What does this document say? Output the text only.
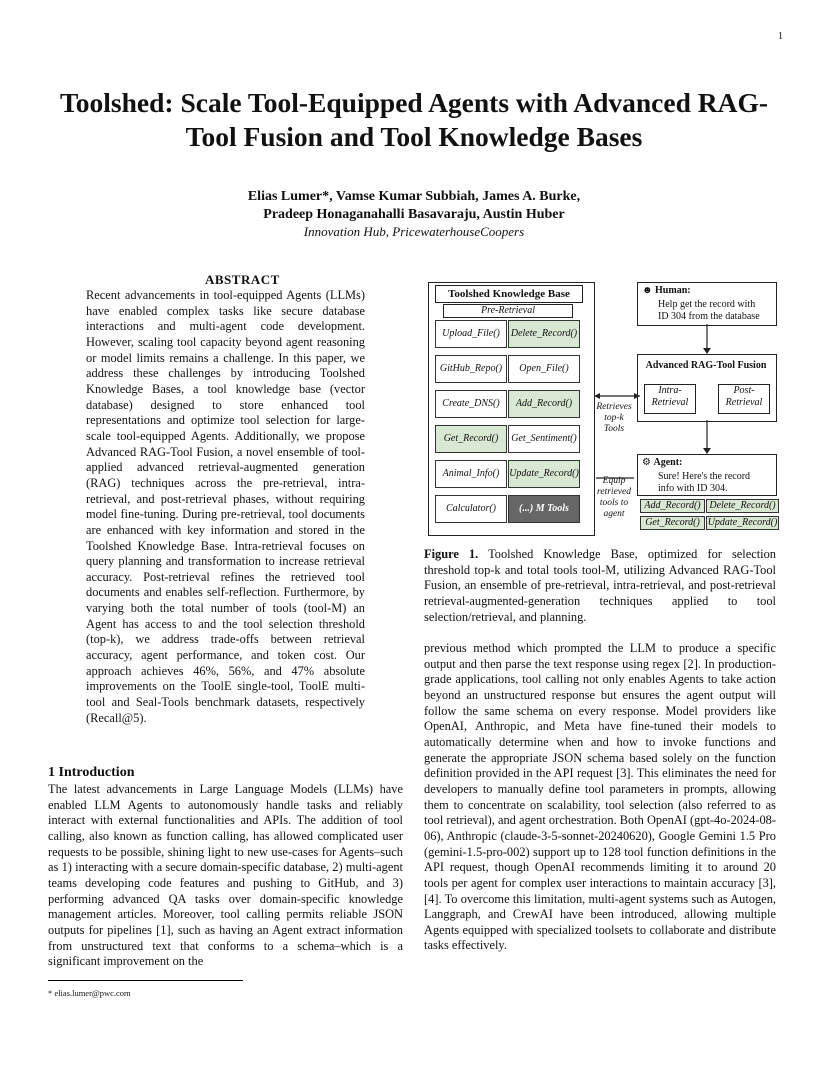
1
Toolshed: Scale Tool-Equipped Agents with Advanced RAG-Tool Fusion and Tool Knowledge Bases
Elias Lumer*, Vamse Kumar Subbiah, James A. Burke,
Pradeep Honaganahalli Basavaraju, Austin Huber
Innovation Hub, PricewaterhouseCoopers
ABSTRACT

Recent advancements in tool-equipped Agents (LLMs) have enabled complex tasks like secure database interactions and multi-agent code development. However, scaling tool capacity beyond agent reasoning or model limits remains a challenge. In this paper, we address these challenges by introducing Toolshed Knowledge Bases, a tool knowledge base (vector database) designed to store enhanced tool representations and optimize tool selection for large-scale tool-equipped Agents. Additionally, we propose Advanced RAG-Tool Fusion, a novel ensemble of tool-applied advanced retrieval-augmented generation (RAG) techniques across the pre-retrieval, intra-retrieval, and post-retrieval phases, without requiring model fine-tuning. During pre-retrieval, tool documents are enhanced with key information and stored in the Toolshed Knowledge Base. Intra-retrieval focuses on query planning and transformation to increase retrieval accuracy. Post-retrieval refines the retrieved tool documents and enables self-reflection. Furthermore, by varying both the total number of tools (tool-M) an Agent has access to and the tool selection threshold (top-k), we address trade-offs between retrieval accuracy, agent performance, and token cost. Our approach achieves 46%, 56%, and 47% absolute improvements on the ToolE single-tool, ToolE multi-tool and Seal-Tools benchmark datasets, respectively (Recall@5).

1 Introduction

The latest advancements in Large Language Models (LLMs) have enabled LLM Agents to autonomously handle tasks and reliably interact with external functionalities and APIs. The addition of tool calling, also known as function calling, has allowed complicated user requests to be possible, shining light to new use-cases for Agents–such as 1) interacting with a secure domain-specific database, 2) multi-agent teams developing code features and pushing to GitHub, and 3) performing advanced QA tasks over domain-specific knowledge management articles. Moreover, tool calling permits reliable JSON outputs for pipelines [1], such as having an Agent extract information from unstructured text that conforms to a schema–which is a significant improvement on the

Toolshed Knowledge Base
Pre-Retrieval
Upload_File()	Delete_Record()
GitHub_Repo()	Open_File()
Create_DNS()	Add_Record()
Get_Record()	Get_Sentiment()
Animal_Info() Update_Record()
Calculator()	(...) M Tools
Retrieves top-k Tools
Equip retrieved tools to agent
☻ Human:
Help get the record with ID 304 from the database
Advanced RAG-Tool Fusion
Intra-Retrieval
Post-Retrieval
⚙ Agent:
Sure! Here's the record info with ID 304.
Add_Record() Delete_Record()
Get_Record() Update_Record()
Figure 1. Toolshed Knowledge Base, optimized for selection threshold top-k and total tools tool-M, utilizing Advanced RAG-Tool Fusion, an ensemble of pre-retrieval, intra-retrieval, and post-retrieval retrieval-augmented-generation techniques applied to tool selection/retrieval, and planning.

previous method which prompted the LLM to produce a specific output and then parse the text response using regex [2]. In production-grade applications, tool calling not only enables Agents to take action beyond an unstructured response but ensures the agent output will follow the same schema on every response. Model providers like OpenAI, Anthropic, and Meta have fine-tuned their models to automatically determine when and how to invoke functions and generate the appropriate JSON schema based solely on the function definition provided in the API request [3]. This eliminates the need for developers to manually define tool parameters in prompts, allowing them to concentrate on scalability, tool selection (also referred to as tool retrieval), and agent orchestration. Both OpenAI (gpt-4o-2024-08-06), Anthropic (claude-3-5-sonnet-20240620), Google Gemini 1.5 Pro (gemini-1.5-pro-002) support up to 128 tool function definitions in the API request, though OpenAI recommends limiting it to around 20 tools per agent for complex user interactions to maintain accuracy [3], [4]. To overcome this limitation, multi-agent systems such as Autogen, Langgraph, and CrewAI have been introduced, allowing multiple Agents equipped with specialized toolsets to collaborate and distribute tasks effectively.

* elias.lumer@pwc.com
